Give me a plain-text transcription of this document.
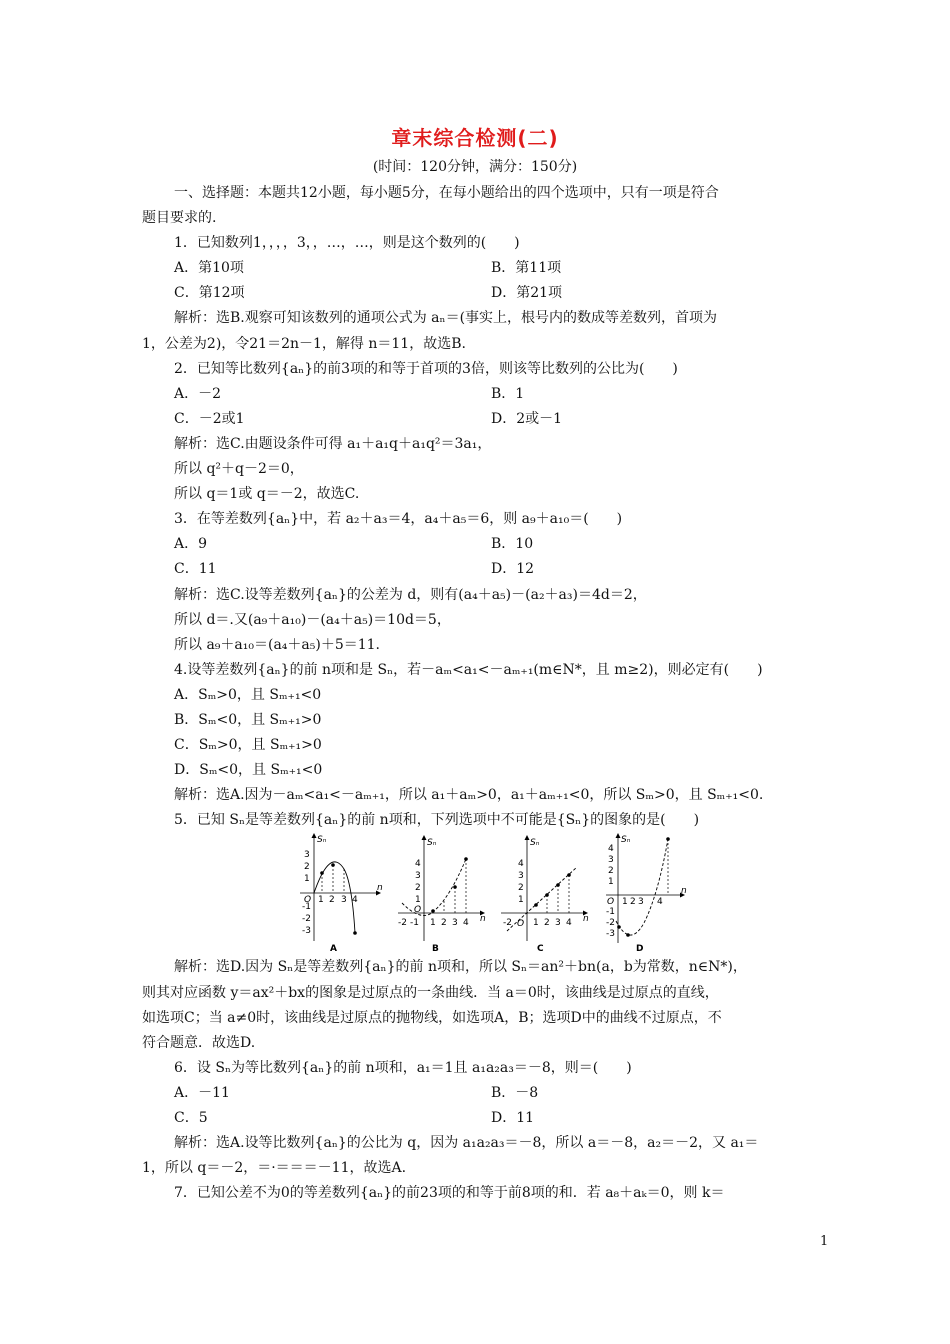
章末综合检测(二)
(时间：120分钟，满分：150分)
一、选择题：本题共12小题，每小题5分，在每小题给出的四个选项中，只有一项是符合
题目要求的.
1．已知数列1，，，，3，，…，…，则是这个数列的(　　)
A．第10项	B．第11项
C．第12项	D．第21项
解析：选B.观察可知该数列的通项公式为 aₙ＝(事实上，根号内的数成等差数列，首项为
1，公差为2)，令21＝2n－1，解得 n＝11，故选B.
2．已知等比数列{aₙ}的前3项的和等于首项的3倍，则该等比数列的公比为(　　)
A．－2	B．1
C．－2或1	D．2或－1
解析：选C.由题设条件可得 a₁＋a₁q＋a₁q²＝3a₁，
所以 q²＋q－2＝0，
所以 q＝1或 q＝－2，故选C.
3．在等差数列{aₙ}中，若 a₂＋a₃＝4，a₄＋a₅＝6，则 a₉＋a₁₀＝(　　)
A．9	B．10
C．11	D．12
解析：选C.设等差数列{aₙ}的公差为 d，则有(a₄＋a₅)－(a₂＋a₃)＝4d＝2，
所以 d＝.又(a₉＋a₁₀)－(a₄＋a₅)＝10d＝5，
所以 a₉＋a₁₀＝(a₄＋a₅)＋5＝11.
4.设等差数列{aₙ}的前 n项和是 Sₙ，若－aₘ<a₁<－aₘ₊₁(m∈N*，且 m≥2)，则必定有(　　)
A．Sₘ>0，且 Sₘ₊₁<0
B．Sₘ<0，且 Sₘ₊₁>0
C．Sₘ>0，且 Sₘ₊₁>0
D．Sₘ<0，且 Sₘ₊₁<0
解析：选A.因为－aₘ<a₁<－aₘ₊₁，所以 a₁＋aₘ>0，a₁＋aₘ₊₁<0，所以 Sₘ>0，且 Sₘ₊₁<0.
5．已知 Sₙ是等差数列{aₙ}的前 n项和，下列选项中不可能是{Sₙ}的图象的是(　　)
Sₙ
n
O
3
2
1
-1
-2
-3
1 2 3 4
A
Sₙ
n
O
4
3
2
1
-2 -1 1 2 3 4
B
Sₙ
n
O
4
3
2
1
-2 1 2 3 4
C
Sₙ
n
O
4
3
2
1
-1
-2
-3
1 2 3 4
D
解析：选D.因为 Sₙ是等差数列{aₙ}的前 n项和，所以 Sₙ＝an²＋bn(a，b为常数，n∈N*)，
则其对应函数 y＝ax²＋bx的图象是过原点的一条曲线．当 a＝0时，该曲线是过原点的直线，
如选项C；当 a≠0时，该曲线是过原点的抛物线，如选项A，B；选项D中的曲线不过原点，不
符合题意．故选D.
6．设 Sₙ为等比数列{aₙ}的前 n项和，a₁＝1且 a₁a₂a₃＝－8，则＝(　　)
A．－11	B．－8
C．5	D．11
解析：选A.设等比数列{aₙ}的公比为 q，因为 a₁a₂a₃＝－8，所以 a＝－8，a₂＝－2，又 a₁＝
1，所以 q＝－2，＝·＝＝＝－11，故选A.
7．已知公差不为0的等差数列{aₙ}的前23项的和等于前8项的和．若 a₈＋aₖ＝0，则 k＝
1
